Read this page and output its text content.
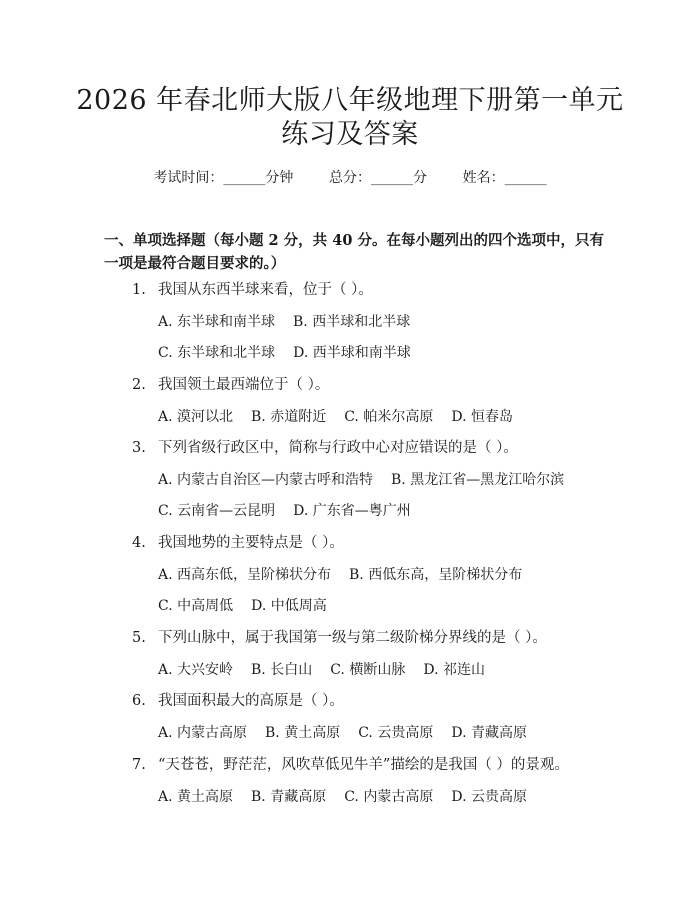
2026 年春北师大版八年级地理下册第一单元
练习及答案
考试时间：______分钟	总分：______分	姓名：______
一、单项选择题（每小题 2 分，共 40 分。在每小题列出的四个选项中，只有一项是最符合题目要求的。）
1. 我国从东西半球来看，位于（ ）。
A. 东半球和南半球 B. 西半球和北半球
C. 东半球和北半球 D. 西半球和南半球
2. 我国领土最西端位于（ ）。
A. 漠河以北 B. 赤道附近 C. 帕米尔高原 D. 恒春岛
3. 下列省级行政区中，简称与行政中心对应错误的是（ ）。
A. 内蒙古自治区—内蒙古呼和浩特 B. 黑龙江省—黑龙江哈尔滨
C. 云南省—云昆明 D. 广东省—粤广州
4. 我国地势的主要特点是（ ）。
A. 西高东低，呈阶梯状分布 B. 西低东高，呈阶梯状分布
C. 中高周低 D. 中低周高
5. 下列山脉中，属于我国第一级与第二级阶梯分界线的是（ ）。
A. 大兴安岭 B. 长白山 C. 横断山脉 D. 祁连山
6. 我国面积最大的高原是（ ）。
A. 内蒙古高原 B. 黄土高原 C. 云贵高原 D. 青藏高原
7. “天苍苍，野茫茫，风吹草低见牛羊”描绘的是我国（ ）的景观。
A. 黄土高原 B. 青藏高原 C. 内蒙古高原 D. 云贵高原
